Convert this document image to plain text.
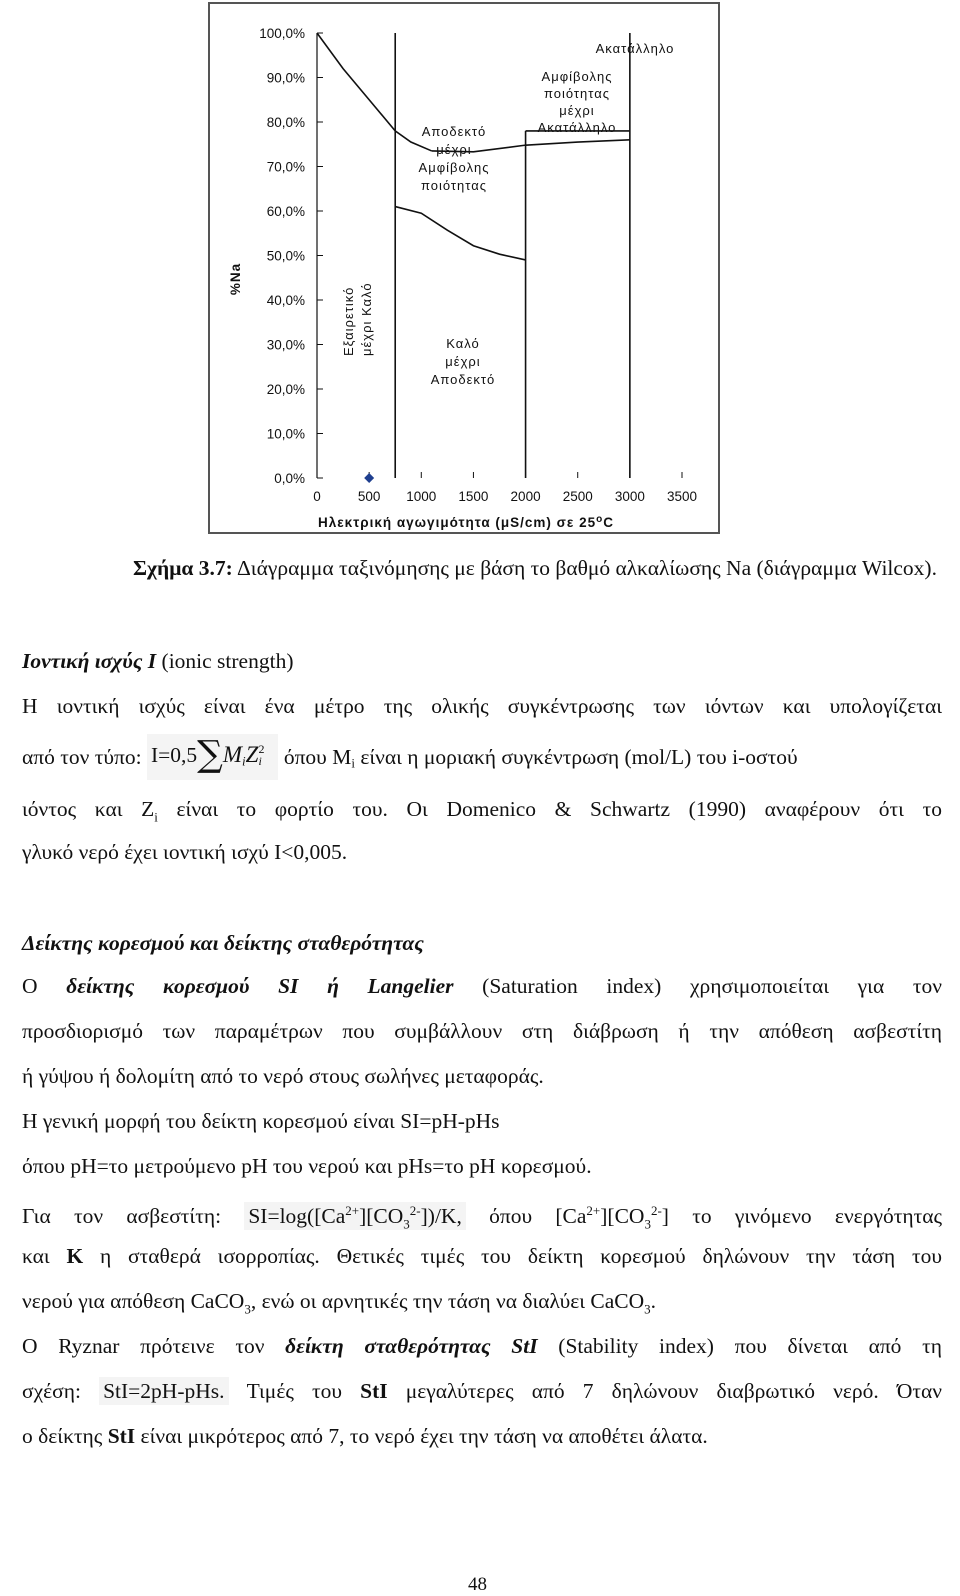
100,0%
90,0%
80,0%
70,0%
60,0%
50,0%
40,0%
30,0%
20,0%
10,0%
0,0%
0	500 1000 1500 2000 2500 3000 3500
Ακατάλληλο
Αμφίβολης
ποιότητας
μέχρι
Ακατάλληλο
Αποδεκτό
μέχρι
Αμφίβολης
ποιότητας
Εξαιρετικό μέχρι Καλό	Καλό
μέχρι
Αποδεκτό
%Na
Ηλεκτρική αγωγιμότητα (μS/cm) σε 25$^o$C
Σχήμα 3.7: Διάγραμμα ταξινόμησης με βάση το βαθμό αλκαλίωσης Na (διάγραμμα Wilcox).
Ιοντική ισχύς Ι (ionic strength)
Η ιοντική ισχύς είναι ένα μέτρο της ολικής συγκέντρωσης των ιόντων και υπολογίζεται
από τον τύπο: $I=0,5\sum M_iZ$ 2
i όπου $M_i$ είναι η μοριακή συγκέντρωση (mol/L) του i-οστού
ιόντος και $Z_i$ είναι το φορτίο του. Οι Domenico & Schwartz (1990) αναφέρουν ότι το
γλυκό νερό έχει ιοντική ισχύ I<0,005.
Δείκτης κορεσμού και δείκτης σταθερότητας
Ο δείκτης κορεσμού SI ή Langelier (Saturation index) χρησιμοποιείται για τον
προσδιορισμό των παραμέτρων που συμβάλλουν στη διάβρωση ή την απόθεση ασβεστίτη
ή γύψου ή δολομίτη από το νερό στους σωλήνες μεταφοράς.
Η γενική μορφή του δείκτη κορεσμού είναι SI=pH-pHs
όπου pH=το μετρούμενο pH του νερού και pHs=το pH κορεσμού.
Για τον ασβεστίτη: $SI=\log([Ca^{2+}][CO_3^{2-}])/K$, όπου $[Ca^{2+}][CO_3^{2-}]$ το γινόμενο ενεργότητας
και K η σταθερά ισορροπίας. Θετικές τιμές του δείκτη κορεσμού δηλώνουν την τάση του
νερού για απόθεση CaCO$_3$, ενώ οι αρνητικές την τάση να διαλύει CaCO$_3$.
Ο Ryznar πρότεινε τον δείκτη σταθερότητας StI (Stability index) που δίνεται από τη
σχέση: StI=2pH-pHs. Τιμές του StI μεγαλύτερες από 7 δηλώνουν διαβρωτικό νερό. Όταν
ο δείκτης StI είναι μικρότερος από 7, το νερό έχει την τάση να αποθέτει άλατα.
48
